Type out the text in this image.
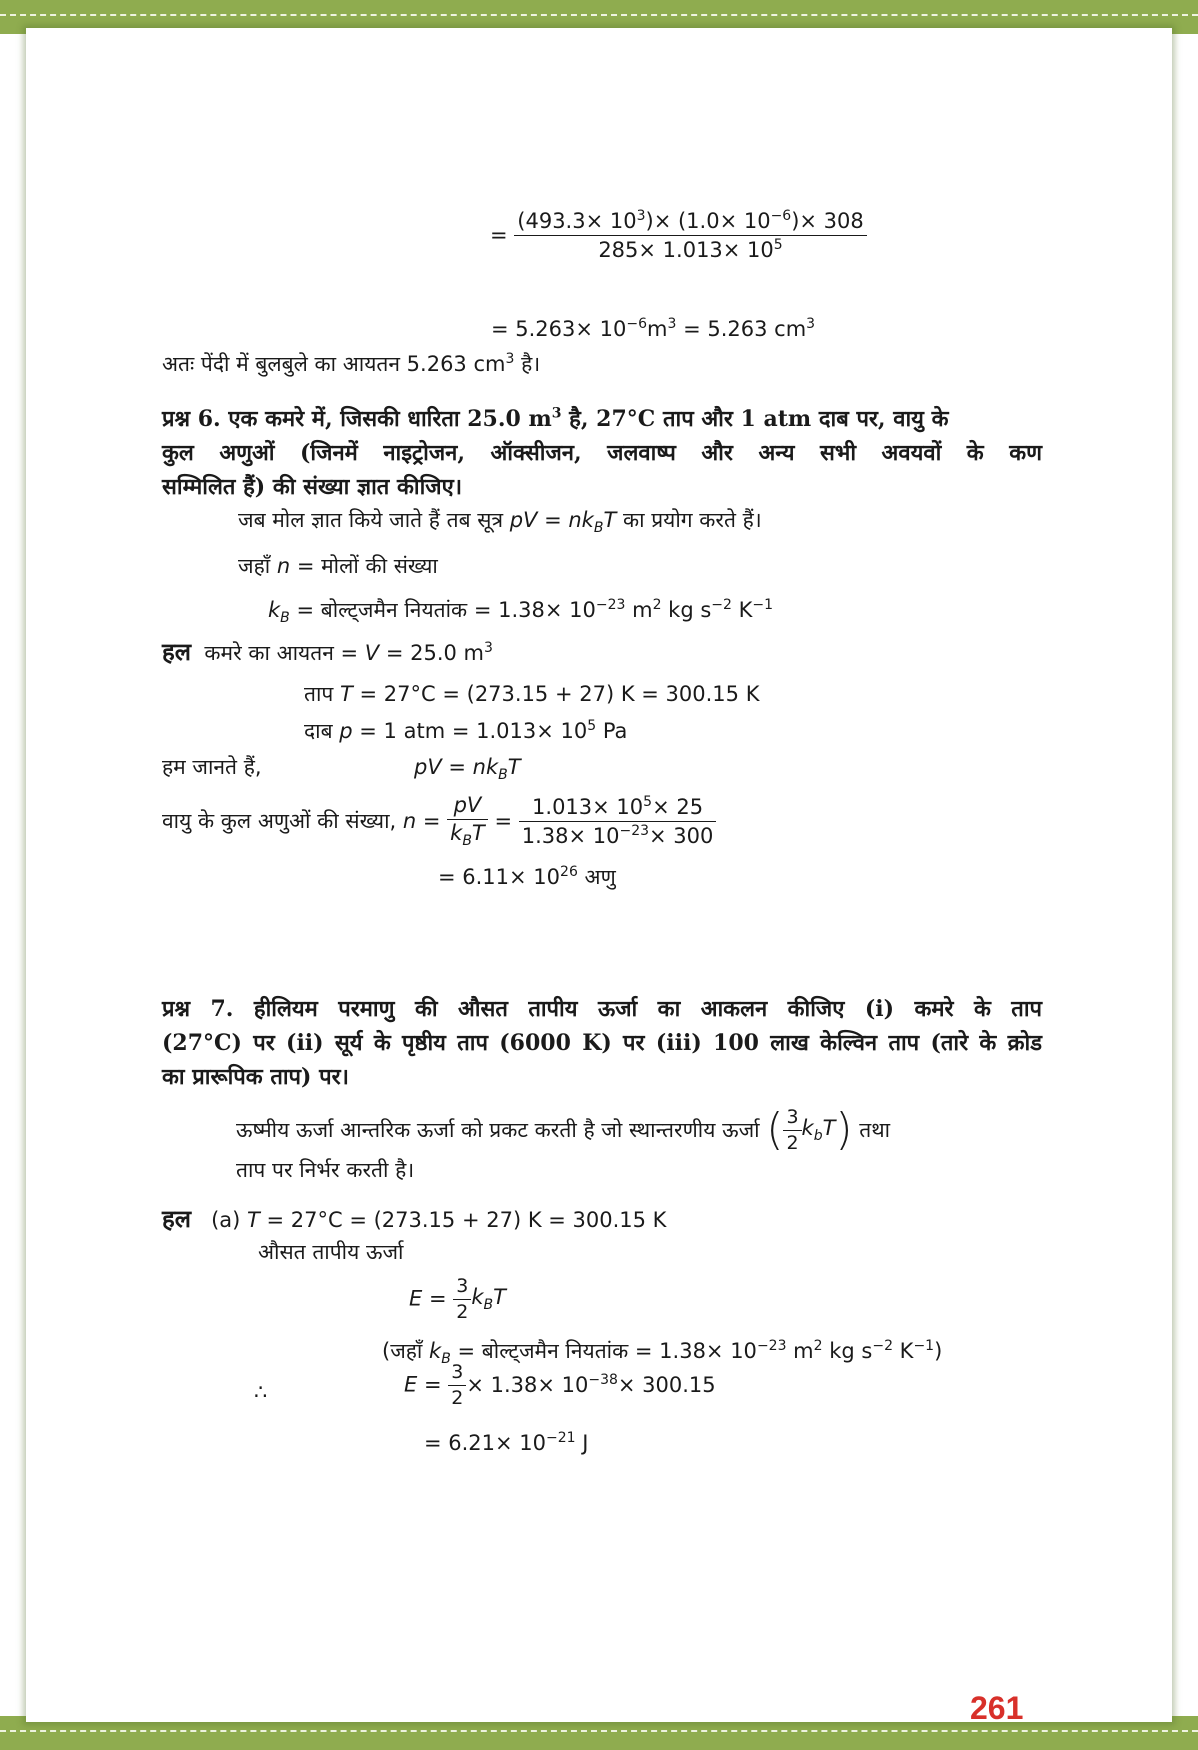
= $\frac{(493.3\times 10^3)\times (1.0\times 10^{-6})\times 308}{285\times 1.013\times 10^5}$
= $5.263\times 10^{-6}m^3 = 5.263$ $cm^3$
अतः पेंदी में बुलबुले का आयतन 5.263 $cm^3$ है।
प्रश्न 6. एक कमरे में, जिसकी धारिता 25.0 $m^3$ है, 27°C ताप और 1 atm दाब पर, वायु के
कुल अणुओं (जिनमें नाइट्रोजन, ऑक्सीजन, जलवाष्प और अन्य सभी अवयवों के कण
सम्मिलित हैं) की संख्या ज्ञात कीजिए।
जब मोल ज्ञात किये जाते हैं तब सूत्र pV = $nk_BT$ का प्रयोग करते हैं।
जहाँ n = मोलों की संख्या
$k_B$ = बोल्ट्जमैन नियतांक = $1.38\times 10^{-23}$ $m^2$ kg $s^{-2}$ $K^{-1}$
हल कमरे का आयतन = V = 25.0 $m^3$
ताप T = 27°C = (273.15 + 27) K = 300.15 K
दाब p = 1 atm = $1.013\times 10^5$ Pa
हम जानते हैं,	pV = $nk_BT$
वायु के कुल अणुओं की संख्या, $n = \frac{pV}{k_BT} = \frac{1.013\times 10^5\times 25}{1.38\times 10^{-23}\times 300}$
= $6.11\times 10^{26}$ अणु
प्रश्न 7. हीलियम परमाणु की औसत तापीय ऊर्जा का आकलन कीजिए (i) कमरे के ताप
(27°C) पर (ii) सूर्य के पृष्ठीय ताप (6000 K) पर (iii) 100 लाख केल्विन ताप (तारे के क्रोड
का प्रारूपिक ताप) पर।
ऊष्मीय ऊर्जा आन्तरिक ऊर्जा को प्रकट करती है जो स्थान्तरणीय ऊर्जा ( $\frac{3}{2} k_bT$) तथा
ताप पर निर्भर करती है।
हल (a) T = 27°C = (273.15 + 27) K = 300.15 K
औसत तापीय ऊर्जा
$E = \frac{3}{2} k_BT$
(जहाँ $k_B$ = बोल्ट्जमैन नियतांक = $1.38\times 10^{-23}$ $m^2$ kg $s^{-2}$ $K^{-1}$)
∴	$E = \frac{3}{2} \times 1.38\times 10^{-38}\times 300.15$
= $6.21\times 10^{-21}$ J
261
